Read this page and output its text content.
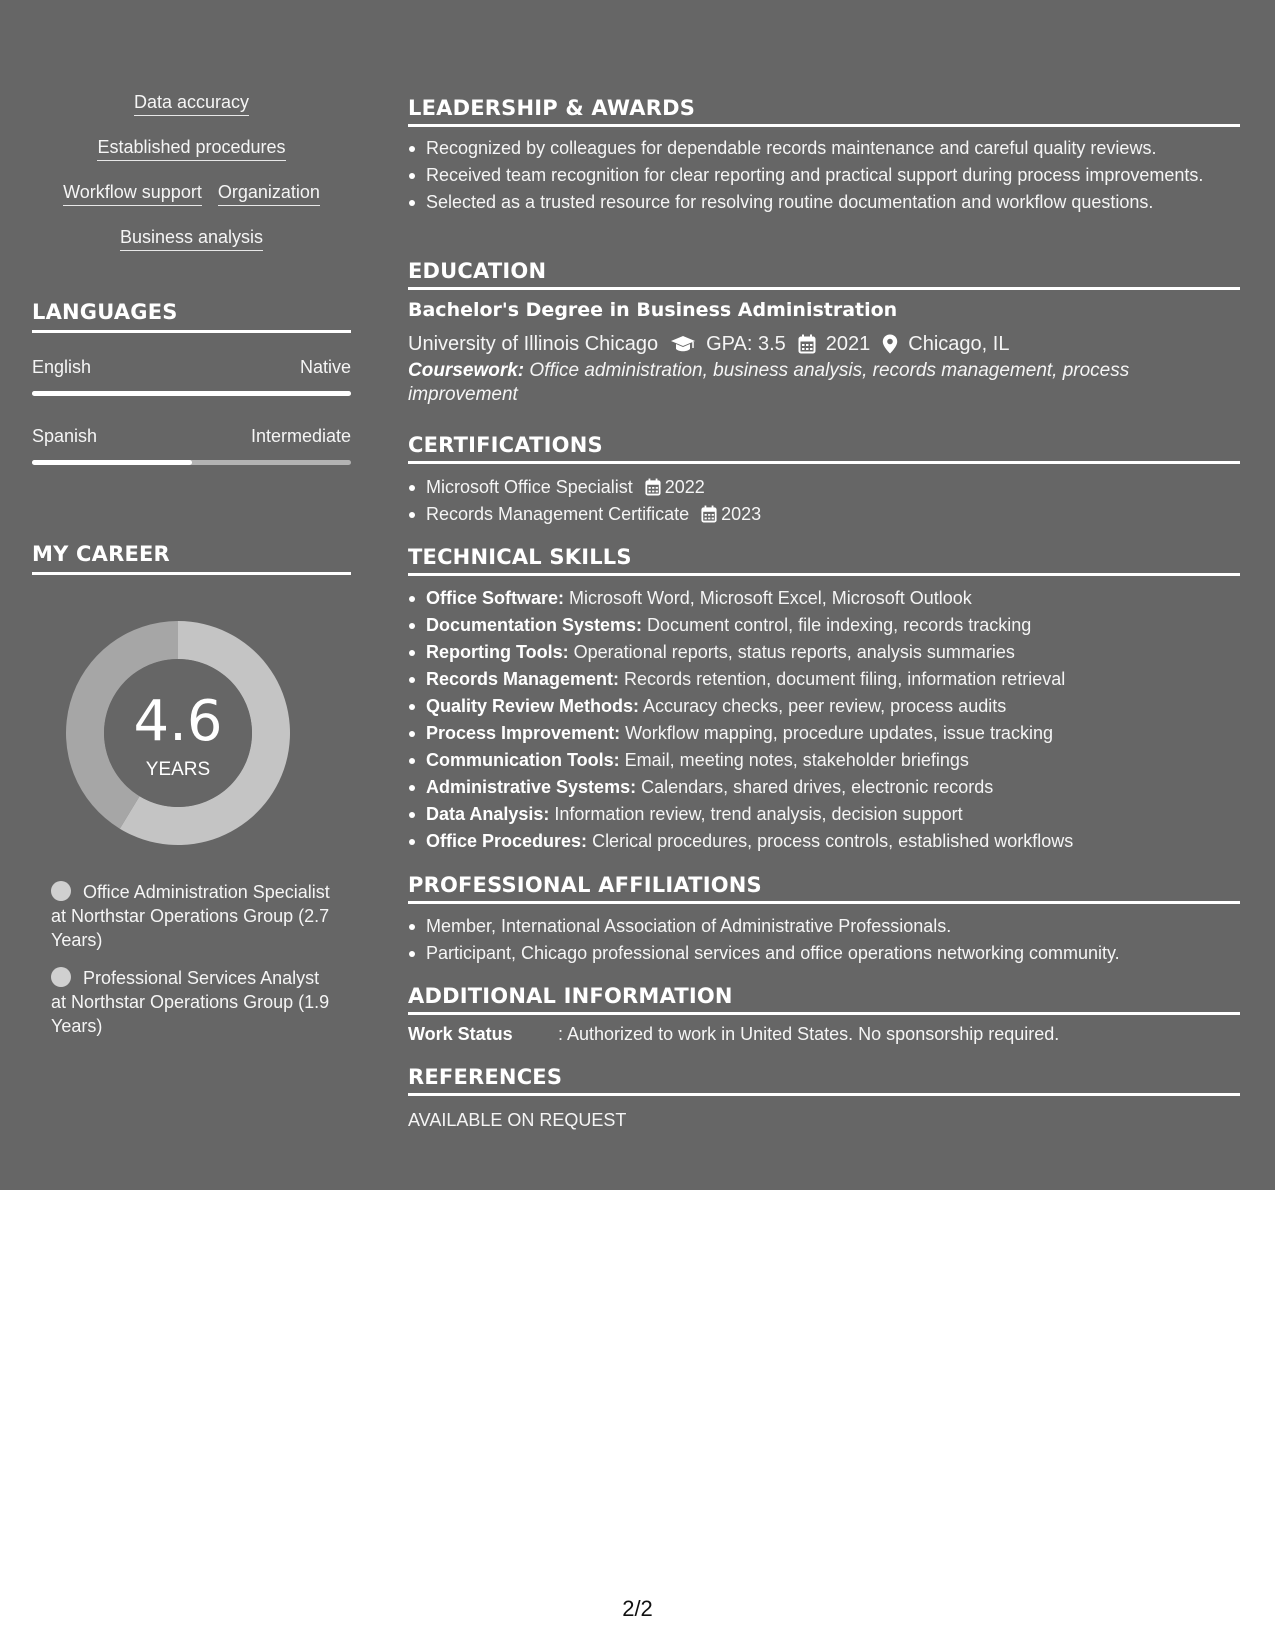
Data accuracy
Established procedures
Workflow support Organization
Business analysis
LANGUAGES
English	Native
Spanish	Intermediate
MY CAREER
4.6
YEARS
Office Administration Specialist at Northstar Operations Group (2.7 Years)
Professional Services Analyst at Northstar Operations Group (1.9 Years)
LEADERSHIP & AWARDS
Recognized by colleagues for dependable records maintenance and careful quality reviews.
Received team recognition for clear reporting and practical support during process improvements.
Selected as a trusted resource for resolving routine documentation and workflow questions.
EDUCATION
Bachelor's Degree in Business Administration
University of Illinois Chicago GPA: 3.5 2021 Chicago, IL
Coursework: Office administration, business analysis, records management, process improvement
CERTIFICATIONS
Microsoft Office Specialist 2022
Records Management Certificate 2023
TECHNICAL SKILLS
Office Software: Microsoft Word, Microsoft Excel, Microsoft Outlook
Documentation Systems: Document control, file indexing, records tracking
Reporting Tools: Operational reports, status reports, analysis summaries
Records Management: Records retention, document filing, information retrieval
Quality Review Methods: Accuracy checks, peer review, process audits
Process Improvement: Workflow mapping, procedure updates, issue tracking
Communication Tools: Email, meeting notes, stakeholder briefings
Administrative Systems: Calendars, shared drives, electronic records
Data Analysis: Information review, trend analysis, decision support
Office Procedures: Clerical procedures, process controls, established workflows
PROFESSIONAL AFFILIATIONS
Member, International Association of Administrative Professionals.
Participant, Chicago professional services and office operations networking community.
ADDITIONAL INFORMATION
Work Status	: Authorized to work in United States. No sponsorship required.
REFERENCES
AVAILABLE ON REQUEST
2/2
